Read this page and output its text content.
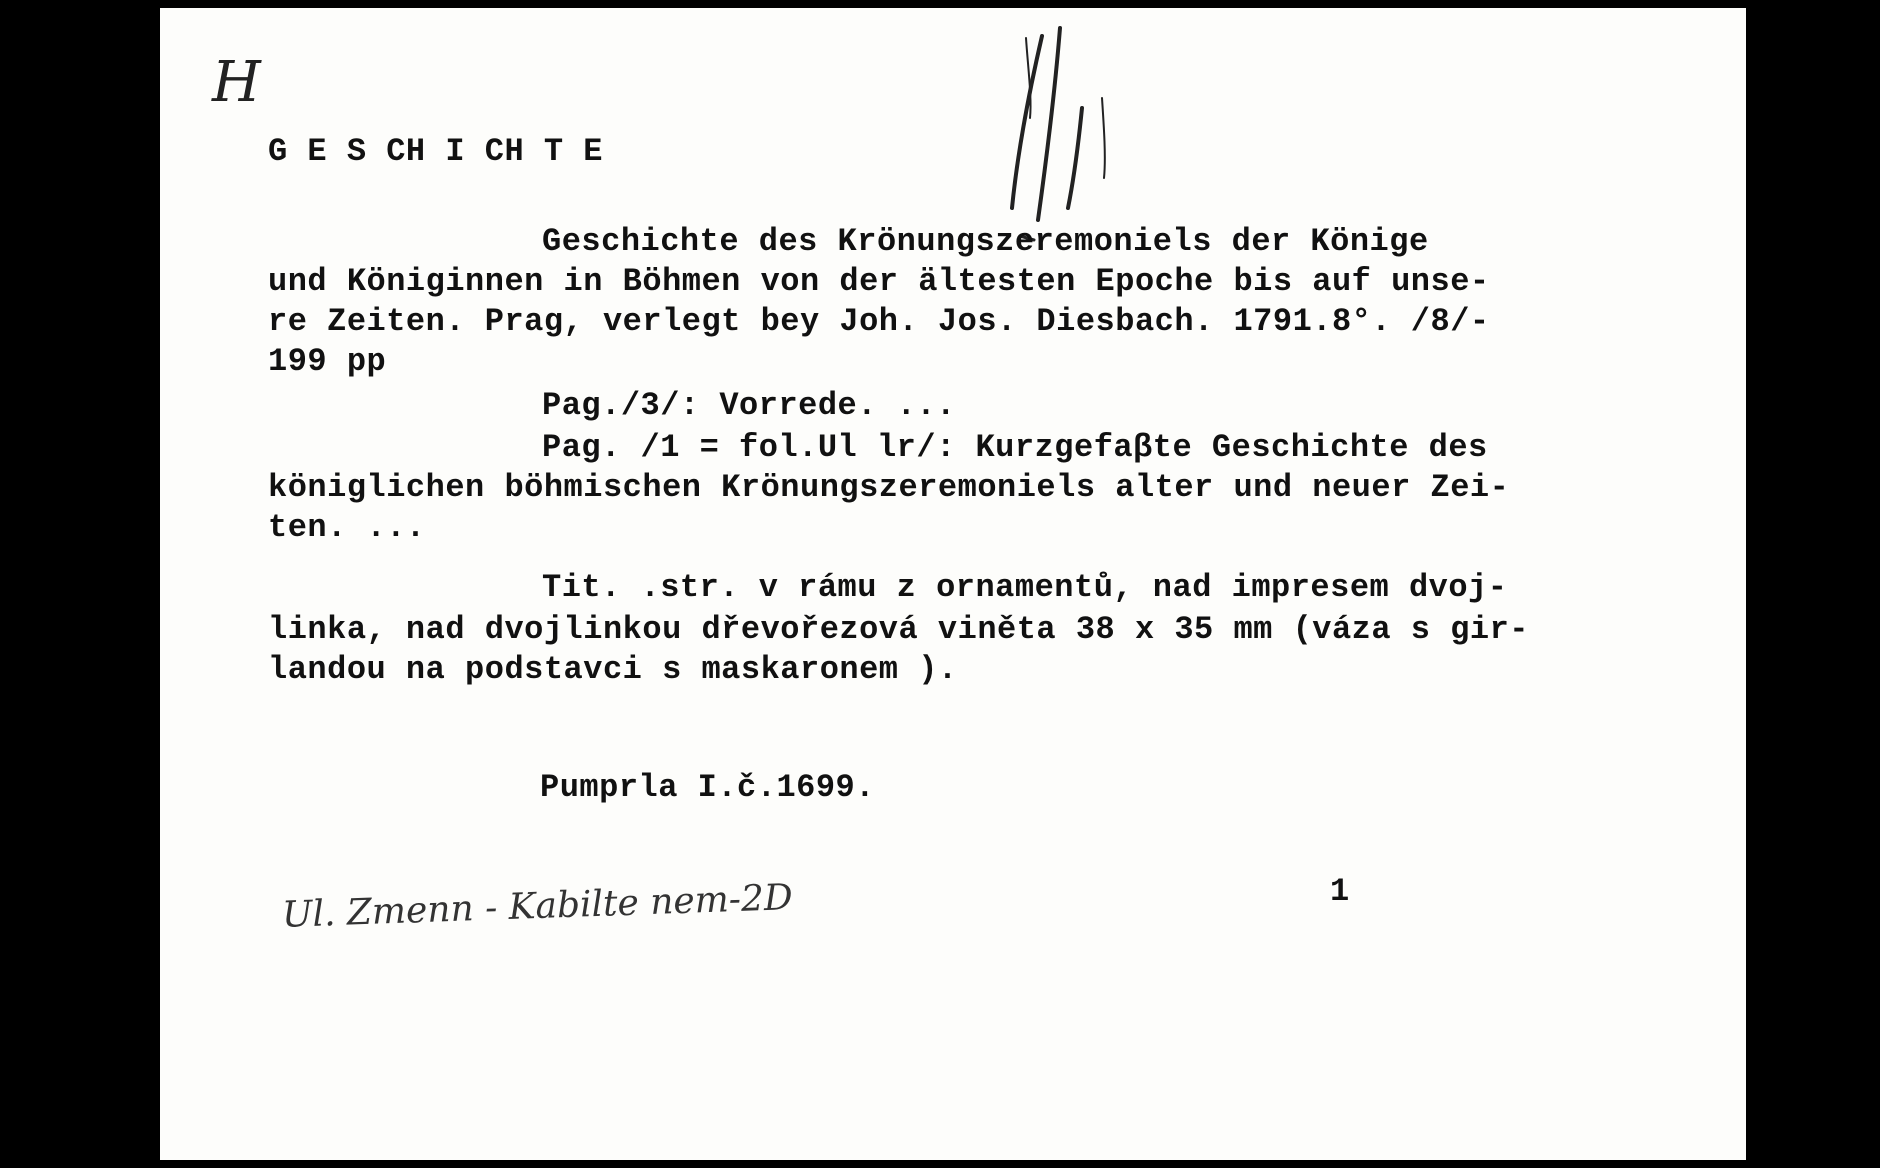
H
G E S CH I CH T E
Geschichte des Krönungszeremoniels der Könige
und Königinnen in Böhmen von der ältesten Epoche bis auf unse-
re Zeiten. Prag, verlegt bey Joh. Jos. Diesbach. 1791.8°. /8/-
199 pp
Pag./3/: Vorrede. ...
Pag. /1 = fol.Ul lr/: Kurzgefaβte Geschichte des
königlichen böhmischen Krönungszeremoniels alter und neuer Zei-
ten. ...
Tit. .str. v rámu z ornamentů, nad impresem dvoj-
linka, nad dvojlinkou dřevořezová viněta 38 x 35 mm (váza s gir-
landou na podstavci s maskaronem ).
Pumprla I.č.1699.
1
Ul. Zmenn - Kabilte nem-2D
